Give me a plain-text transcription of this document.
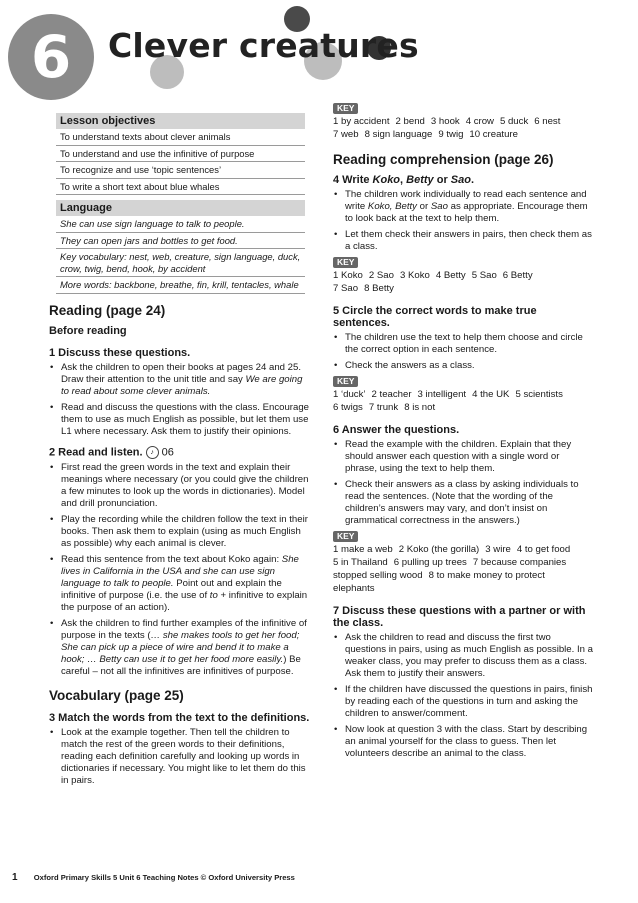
6	Clever creatures
Lesson objectives
To understand texts about clever animals
To understand and use the infinitive of purpose
To recognize and use ‘topic sentences’
To write a short text about blue whales
Language
She can use sign language to talk to people.
They can open jars and bottles to get food.
Key vocabulary: nest, web, creature, sign language, duck, crow, twig, bend, hook, by accident
More words: backbone, breathe, fin, krill, tentacles, whale

Reading (page 24)

Before reading

1 Discuss these questions.

• Ask the children to open their books at pages 24 and 25. Draw their attention to the unit title and say We are going to read about some clever animals.
• Read and discuss the questions with the class. Encourage them to use as much English as possible, but let them use L1 where necessary. Ask them to justify their opinions.

2 Read and listen. ♪ 06

• First read the green words in the text and explain their meanings where necessary (or you could give the children a few minutes to look up the words in dictionaries). Model and drill pronunciation.
• Play the recording while the children follow the text in their books. Then ask them to explain (using as much English as possible) why each animal is clever.
• Read this sentence from the text about Koko again: She lives in California in the USA and she can use sign language to talk to people. Point out and explain the infinitive of purpose (i.e. the use of to + infinitive to explain the purpose of an action).
• Ask the children to find further examples of the infinitive of purpose in the texts (… she makes tools to get her food; She can pick up a piece of wire and bend it to make a hook; … Betty can use it to get her food more easily.) Be careful – not all the infinitives are infinitives of purpose.

Vocabulary (page 25)

3 Match the words from the text to the definitions.

• Look at the example together. Then tell the children to match the rest of the green words to their definitions, reading each definition carefully and looking up words in dictionaries if necessary. You might like to let them do this in pairs.
KEY
1 by accident 2 bend 3 hook 4 crow 5 duck 6 nest
7 web 8 sign language 9 twig 10 creature

Reading comprehension (page 26)

4 Write Koko, Betty or Sao.

• The children work individually to read each sentence and write Koko, Betty or Sao as appropriate. Encourage them to look back at the text to help them.
• Let them check their answers in pairs, then check them as a class.
KEY
1 Koko 2 Sao 3 Koko 4 Betty 5 Sao 6 Betty
7 Sao 8 Betty

5 Circle the correct words to make true sentences.

• The children use the text to help them choose and circle the correct option in each sentence.
• Check the answers as a class.
KEY
1 ‘duck’ 2 teacher 3 intelligent 4 the UK 5 scientists
6 twigs 7 trunk 8 is not

6 Answer the questions.

• Read the example with the children. Explain that they should answer each question with a single word or phrase, using the text to help them.
• Check their answers as a class by asking individuals to read the sentences. (Note that the wording of the children’s answers may vary, and don’t insist on grammatical correctness in the answers.)
KEY
1 make a web 2 Koko (the gorilla) 3 wire 4 to get food
5 in Thailand 6 pulling up trees 7 because companies stopped selling wood 8 to make money to protect elephants

7 Discuss these questions with a partner or with the class.

• Ask the children to read and discuss the first two questions in pairs, using as much English as possible. In a weaker class, you may prefer to discuss them as a class. Ask them to justify their answers.
• If the children have discussed the questions in pairs, finish by reading each of the questions in turn and asking the children to answer/comment.
• Now look at question 3 with the class. Start by describing an animal yourself for the class to guess. Then let volunteers describe an animal to the class.
1 Oxford Primary Skills 5 Unit 6 Teaching Notes © Oxford University Press
